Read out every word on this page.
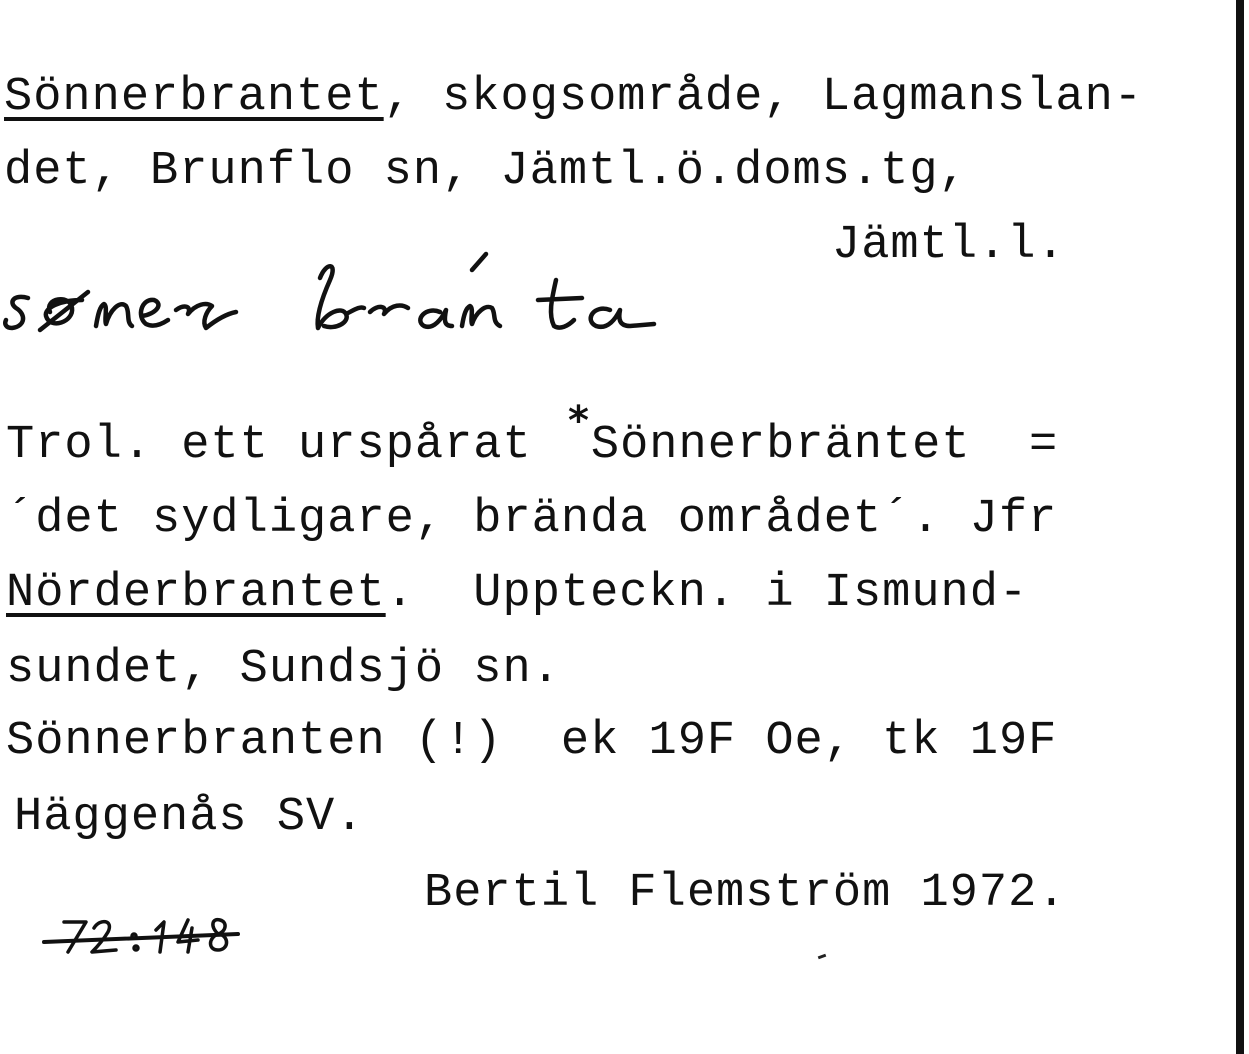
Sönnerbrantet, skogsområde, Lagmanslan-
det, Brunflo sn, Jämtl.ö.doms.tg,
Jämtl.l.
Trol. ett urspårat Sönnerbräntet  =
*
´det sydligare, brända området´. Jfr
Nörderbrantet.  Uppteckn. i Ismund-
sundet, Sundsjö sn.
Sönnerbranten (!)  ek 19F Oe, tk 19F
Häggenås SV.
Bertil Flemström 1972.
